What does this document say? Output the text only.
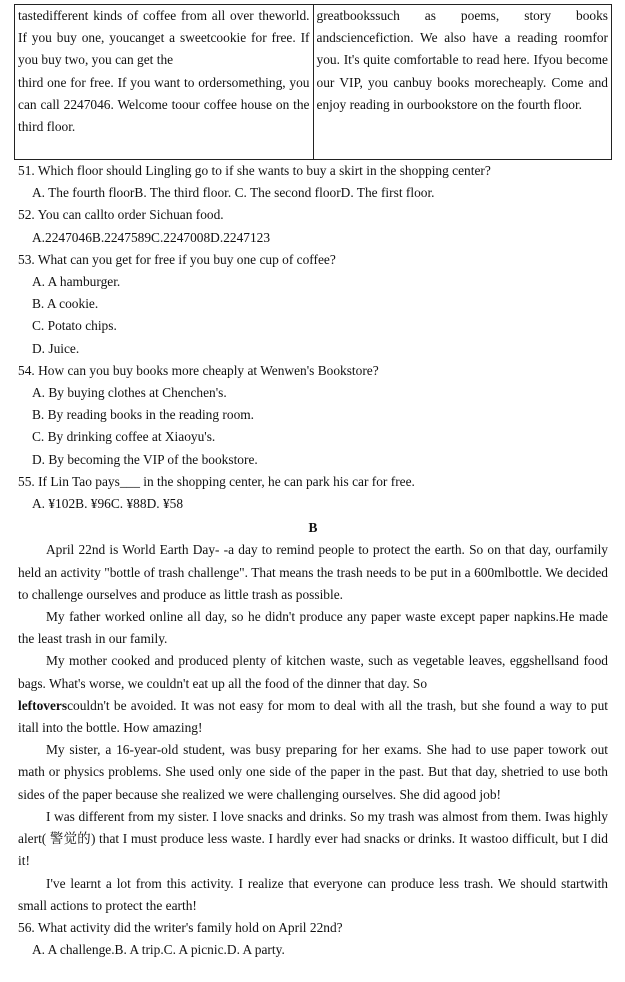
tastedifferent kinds of coffee from all over theworld. If you buy one, youcanget a sweetcookie for free. If you buy two, you can get the

third one for free. If you want to ordersomething, you can call 2247046. Welcome toour coffee house on the third floor.

greatbookssuch as poems, story books andsciencefiction. We also have a reading roomfor you. It's quite comfortable to read here. Ifyou become our VIP, you canbuy books morecheaply. Come and enjoy reading in ourbookstore on the fourth floor.

51. Which floor should Lingling go to if she wants to buy a skirt in the shopping center?

A. The fourth floorB. The third floor. C. The second floorD. The first floor.

52. You can callto order Sichuan food.

A.2247046B.2247589C.2247008D.2247123

53. What can you get for free if you buy one cup of coffee?

A. A hamburger.

B. A cookie.

C. Potato chips.

D. Juice.

54. How can you buy books more cheaply at Wenwen's Bookstore?

A. By buying clothes at Chenchen's.

B. By reading books in the reading room.

C. By drinking coffee at Xiaoyu's.

D. By becoming the VIP of the bookstore.

55. If Lin Tao pays___ in the shopping center, he can park his car for free.

A. ¥102B. ¥96C. ¥88D. ¥58

B

April 22nd is World Earth Day- -a day to remind people to protect the earth. So on that day, ourfamily held an activity "bottle of trash challenge". That means the trash needs to be put in a 600mlbottle. We decided to challenge ourselves and produce as little trash as possible.

My father worked online all day, so he didn't produce any paper waste except paper napkins.He made the least trash in our family.

My mother cooked and produced plenty of kitchen waste, such as vegetable leaves, eggshellsand food bags. What's worse, we couldn't eat up all the food of the dinner that day. So

leftoverscouldn't be avoided. It was not easy for mom to deal with all the trash, but she found a way to put itall into the bottle. How amazing!

My sister, a 16-year-old student, was busy preparing for her exams. She had to use paper towork out math or physics problems. She used only one side of the paper in the past. But that day, shetried to use both sides of the paper because she realized we were challenging ourselves. She did agood job!

I was different from my sister. I love snacks and drinks. So my trash was almost from them. Iwas highly alert( 警觉的) that I must produce less waste. I hardly ever had snacks or drinks. It wastoo difficult, but I did it!

I've learnt a lot from this activity. I realize that everyone can produce less trash. We should startwith small actions to protect the earth!

56. What activity did the writer's family hold on April 22nd?

A. A challenge.B. A trip.C. A picnic.D. A party.
